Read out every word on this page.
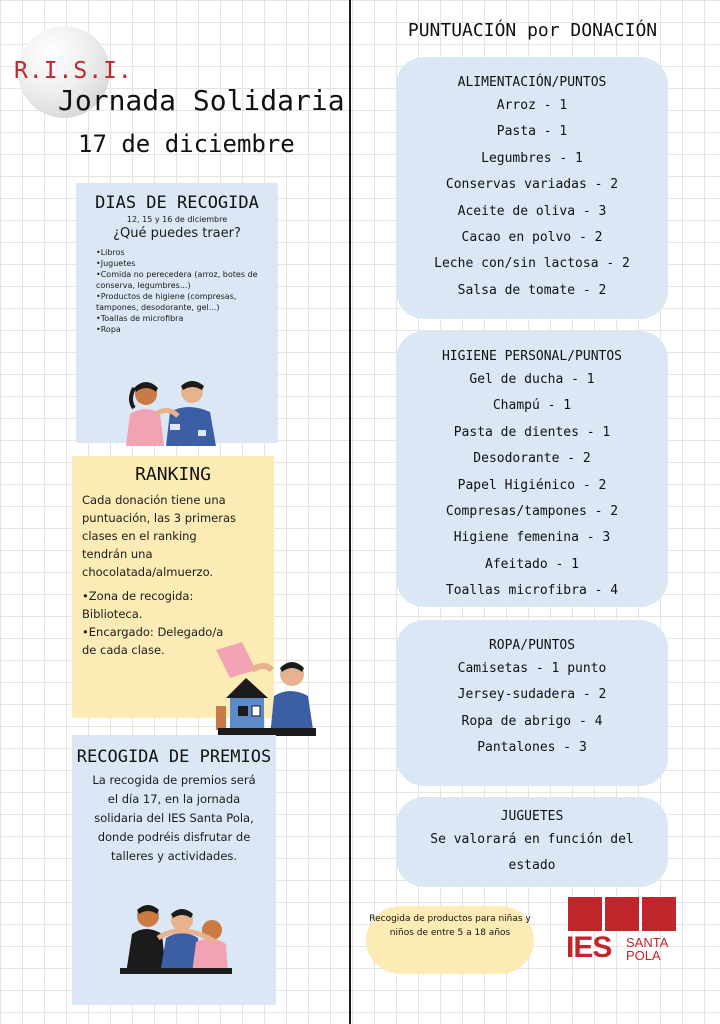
R.I.S.I.
Jornada Solidaria
17 de diciembre
DIAS DE RECOGIDA
12, 15 y 16 de diciembre
¿Qué puedes traer?
• Libros
• Juguetes
• Comida no perecedera (arroz, botes de conserva, legumbres...)
• Productos de higiene (compresas, tampones, desodorante, gel...)
• Toallas de microfibra
• Ropa
RANKING

Cada donación tiene una puntuación, las 3 primeras clases en el ranking tendrán una chocolatada/almuerzo.

•Zona de recogida: Biblioteca.

•Encargado: Delegado/a de cada clase.

RECOGIDA DE PREMIOS

La recogida de premios será el día 17, en la jornada solidaria del IES Santa Pola, donde podréis disfrutar de talleres y actividades.

PUNTUACIÓN por DONACIÓN
ALIMENTACIÓN/PUNTOS
Arroz - 1
Pasta - 1
Legumbres - 1
Conservas variadas - 2
Aceite de oliva - 3
Cacao en polvo - 2
Leche con/sin lactosa - 2
Salsa de tomate - 2
HIGIENE PERSONAL/PUNTOS
Gel de ducha - 1
Champú - 1
Pasta de dientes - 1
Desodorante - 2
Papel Higiénico - 2
Compresas/tampones - 2
Higiene femenina - 3
Afeitado - 1
Toallas microfibra - 4
ROPA/PUNTOS
Camisetas - 1 punto
Jersey-sudadera - 2
Ropa de abrigo - 4
Pantalones - 3
JUGUETES
Se valorará en función del estado
Recogida de productos para niñas y niños de entre 5 a 18 años	IES SANTA
POLA
